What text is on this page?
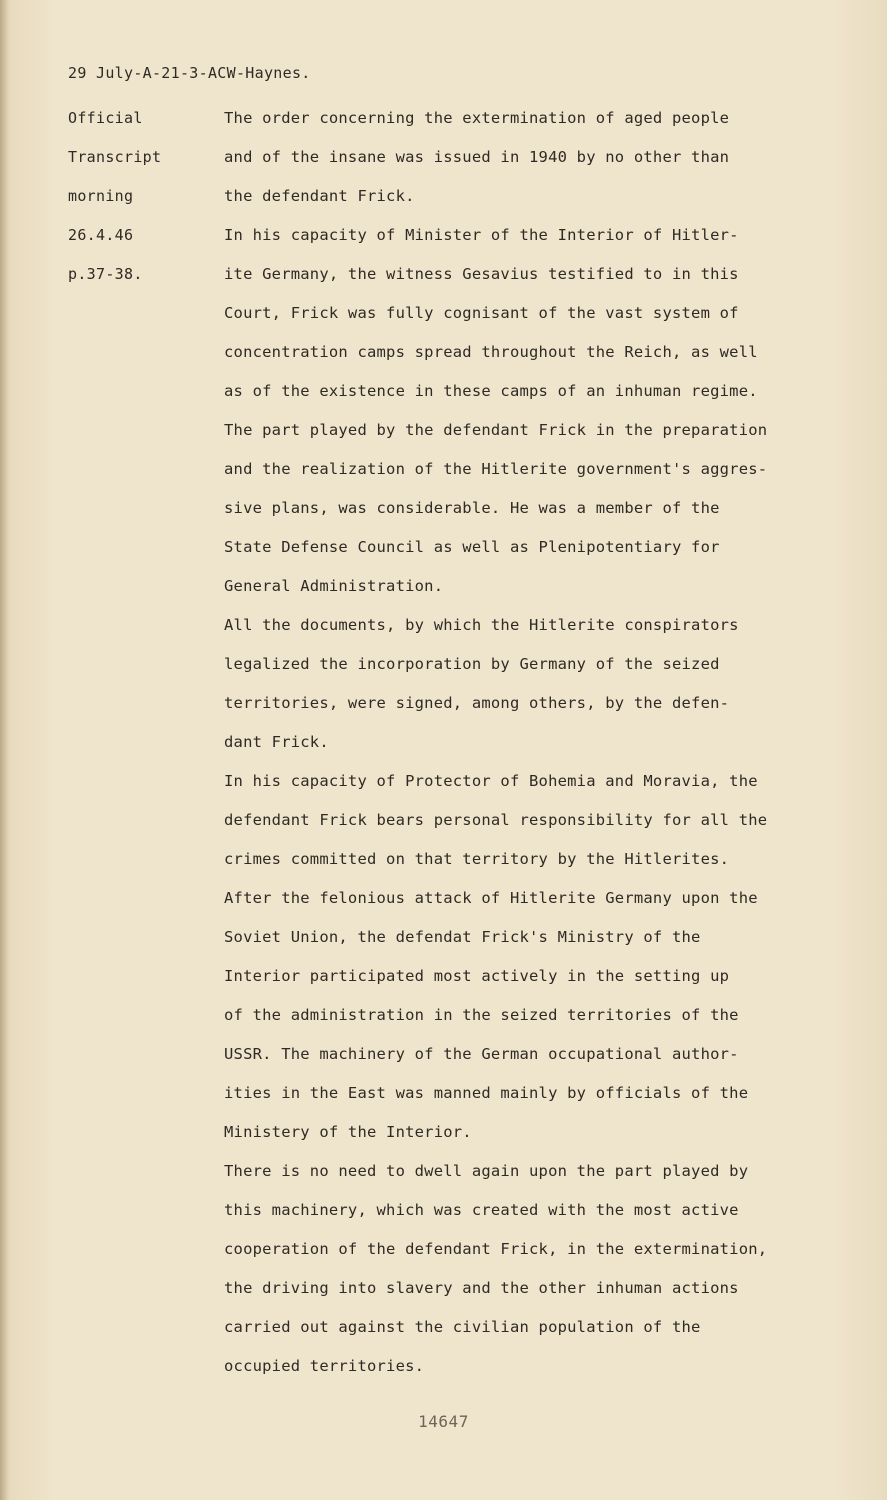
29 July-A-21-3-ACW-Haynes.
Official
Transcript
morning
26.4.46
p.37-38.
The order concerning the extermination of aged people
and of the insane was issued in 1940 by no other than
the defendant Frick.
In his capacity of Minister of the Interior of Hitler-
ite Germany, the witness Gesavius testified to in this
Court, Frick was fully cognisant of the vast system of
concentration camps spread throughout the Reich, as well
as of the existence in these camps of an inhuman regime.
The part played by the defendant Frick in the preparation
and the realization of the Hitlerite government's aggres-
sive plans, was considerable. He was a member of the
State Defense Council as well as Plenipotentiary for
General Administration.
All the documents, by which the Hitlerite conspirators
legalized the incorporation by Germany of the seized
territories, were signed, among others, by the defen-
dant Frick.
In his capacity of Protector of Bohemia and Moravia, the
defendant Frick bears personal responsibility for all the
crimes committed on that territory by the Hitlerites.
After the felonious attack of Hitlerite Germany upon the
Soviet Union, the defendat Frick's Ministry of the
Interior participated most actively in the setting up
of the administration in the seized territories of the
USSR. The machinery of the German occupational author-
ities in the East was manned mainly by officials of the
Ministery of the Interior.
There is no need to dwell again upon the part played by
this machinery, which was created with the most active
cooperation of the defendant Frick, in the extermination,
the driving into slavery and the other inhuman actions
carried out against the civilian population of the
occupied territories.
14647
